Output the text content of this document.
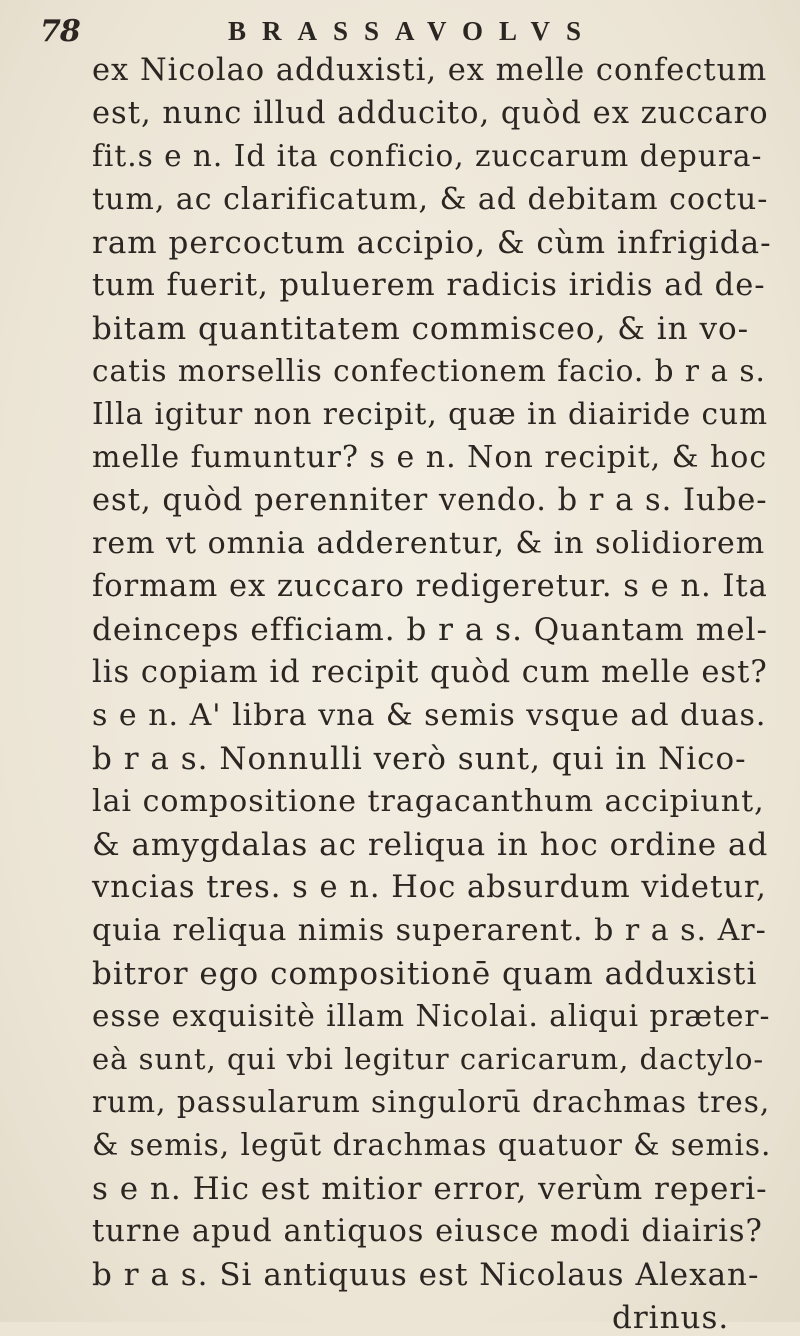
78	BRASSAVOLVS
ex Nicolao adduxisti, ex melle confectum
est, nunc illud adducito, quòd ex zuccaro
fit.s e n. Id ita conficio, zuccarum depura-
tum, ac clarificatum, & ad debitam coctu-
ram percoctum accipio, & cùm infrigida-
tum fuerit, puluerem radicis iridis ad de-
bitam quantitatem commisceo, & in vo-
catis morsellis confectionem facio. b r a s.
Illa igitur non recipit, quæ in diairide cum
melle fumuntur? s e n. Non recipit, & hoc
est, quòd perenniter vendo. b r a s. Iube-
rem vt omnia adderentur, & in solidiorem
formam ex zuccaro redigeretur. s e n. Ita
deinceps efficiam. b r a s. Quantam mel-
lis copiam id recipit quòd cum melle est?
s e n. A' libra vna & semis vsque ad duas.
b r a s. Nonnulli verò sunt, qui in Nico-
lai compositione tragacanthum accipiunt,
& amygdalas ac reliqua in hoc ordine ad
vncias tres. s e n. Hoc absurdum videtur,
quia reliqua nimis superarent. b r a s. Ar-
bitror ego compositionē quam adduxisti
esse exquisitè illam Nicolai. aliqui præter-
eà sunt, qui vbi legitur caricarum, dactylo-
rum, passularum singulorū drachmas tres,
& semis, legūt drachmas quatuor & semis.
s e n. Hic est mitior error, verùm reperi-
turne apud antiquos eiusce modi diairis?
b r a s. Si antiquus est Nicolaus Alexan-
drinus.
